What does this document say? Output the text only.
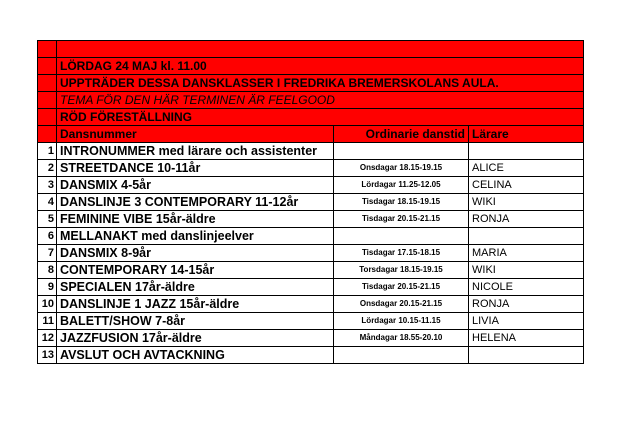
	LÖRDAG 24 MAJ kl. 11.00		
	UPPTRÄDER DESSA DANSKLASSER I FREDRIKA BREMERSKOLANS AULA.		
	TEMA FÖR DEN HÄR TERMINEN ÄR FEELGOOD		
	RÖD FÖRESTÄLLNING		
	Dansnummer	Ordinarie danstid	Lärare
1	INTRONUMMER med lärare och assistenter		
2	STREETDANCE 10-11år	Onsdagar 18.15-19.15	ALICE
3	DANSMIX 4-5år	Lördagar 11.25-12.05	CELINA
4	DANSLINJE 3 CONTEMPORARY 11-12år	Tisdagar 18.15-19.15	WIKI
5	FEMININE VIBE 15år-äldre	Tisdagar 20.15-21.15	RONJA
6	MELLANAKT med danslinjeelver		
7	DANSMIX 8-9år	Tisdagar 17.15-18.15	MARIA
8	CONTEMPORARY 14-15år	Torsdagar 18.15-19.15	WIKI
9	SPECIALEN 17år-äldre	Tisdagar 20.15-21.15	NICOLE
10	DANSLINJE 1 JAZZ 15år-äldre	Onsdagar 20.15-21.15	RONJA
11	BALETT/SHOW 7-8år	Lördagar 10.15-11.15	LIVIA
12	JAZZFUSION 17år-äldre	Måndagar 18.55-20.10	HELENA
13	AVSLUT OCH AVTACKNING		
